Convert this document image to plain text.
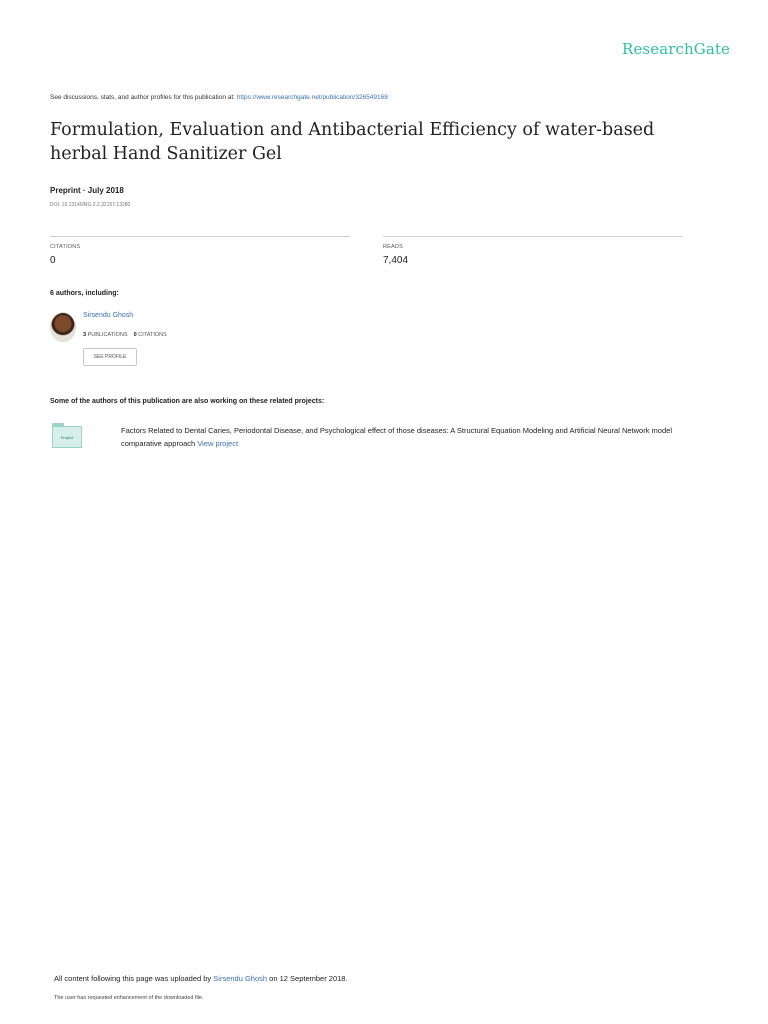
ResearchGate
See discussions, stats, and author profiles for this publication at: https://www.researchgate.net/publication/326549168
Formulation, Evaluation and Antibacterial Efficiency of water-based herbal Hand Sanitizer Gel
Preprint · July 2018
DOI: 10.13140/RG.2.2.32157.13280
CITATIONS
0
READS
7,404
6 authors, including:
Sirsendu Ghosh
3 PUBLICATIONS 0 CITATIONS
SEE PROFILE
Some of the authors of this publication are also working on these related projects:
Project
Factors Related to Dental Caries, Periodontal Disease, and Psychological effect of those diseases: A Structural Equation Modeling and Artificial Neural Network model comparative approach View project
All content following this page was uploaded by Sirsendu Ghosh on 12 September 2018.
The user has requested enhancement of the downloaded file.
